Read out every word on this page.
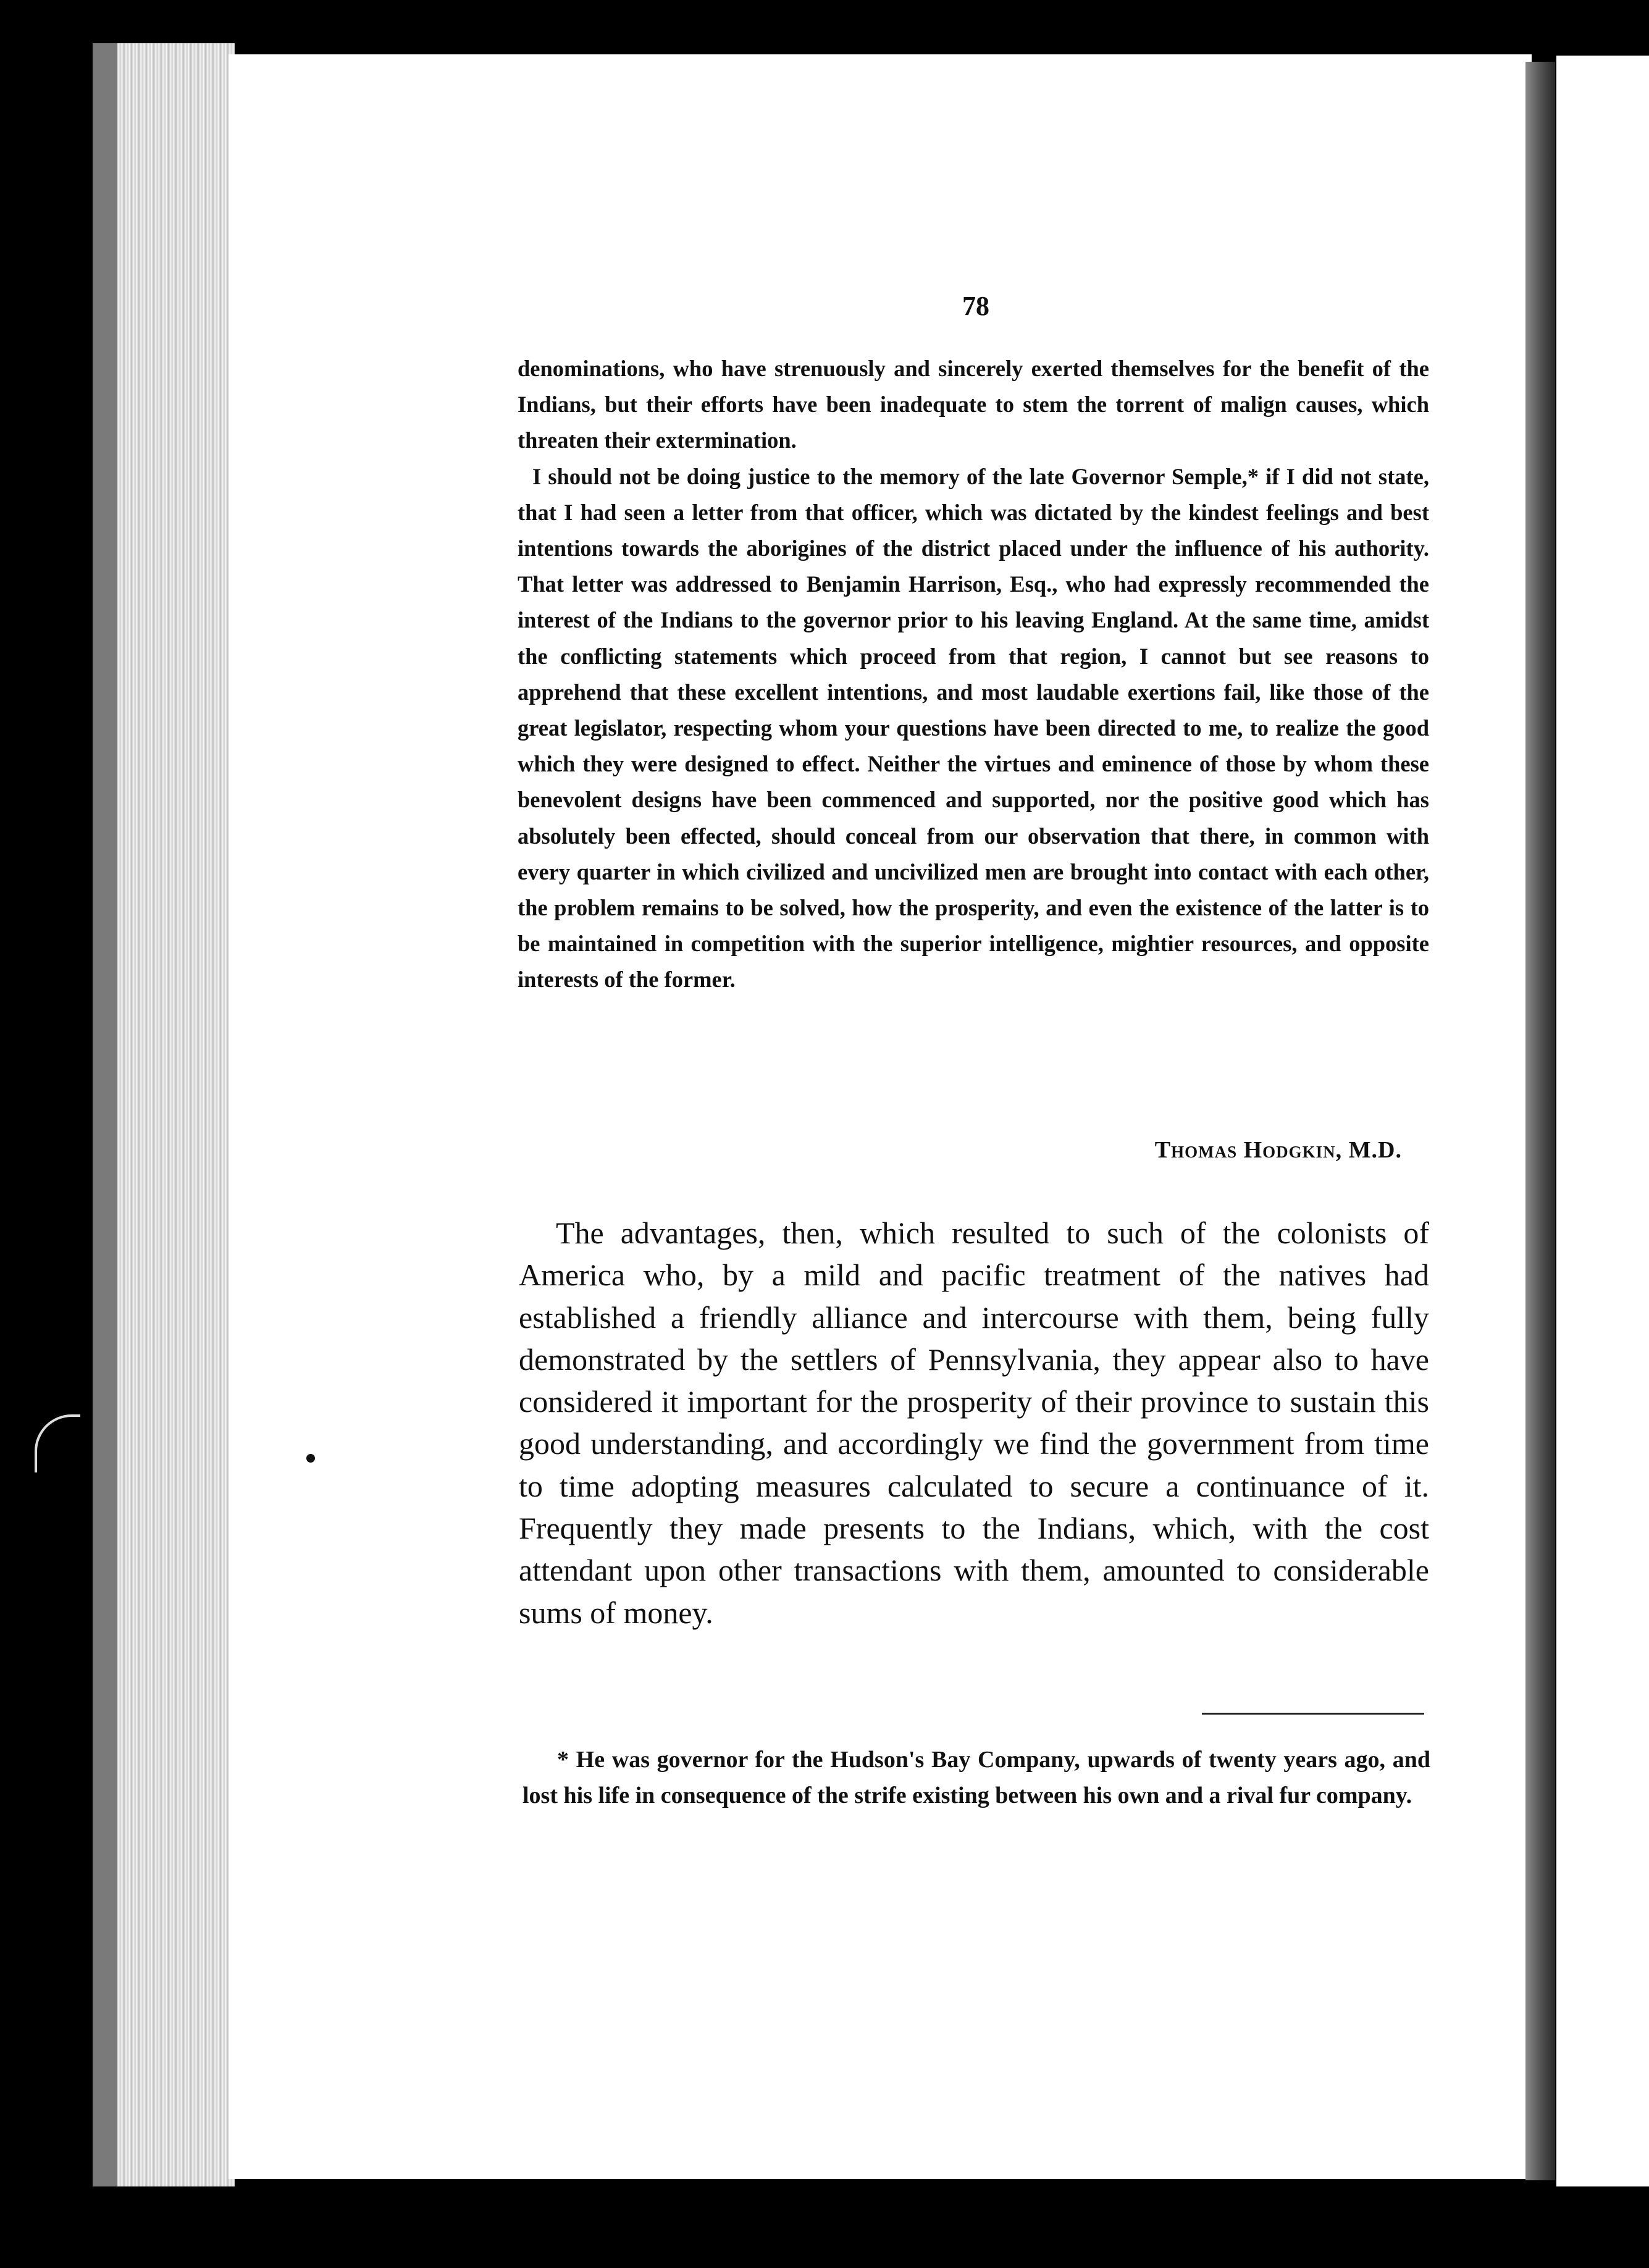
78

denominations, who have strenuously and sincerely exerted themselves for the benefit of the Indians, but their efforts have been inadequate to stem the torrent of malign causes, which threaten their extermination.

I should not be doing justice to the memory of the late Governor Semple,* if I did not state, that I had seen a letter from that officer, which was dictated by the kindest feelings and best intentions towards the aborigines of the district placed under the influence of his authority. That letter was addressed to Benjamin Harrison, Esq., who had expressly recommended the interest of the Indians to the governor prior to his leaving England. At the same time, amidst the conflicting statements which proceed from that region, I cannot but see reasons to apprehend that these excellent intentions, and most laudable exertions fail, like those of the great legislator, respecting whom your questions have been directed to me, to realize the good which they were designed to effect. Neither the virtues and eminence of those by whom these benevolent designs have been commenced and supported, nor the positive good which has absolutely been effected, should conceal from our observation that there, in common with every quarter in which civilized and uncivilized men are brought into contact with each other, the problem remains to be solved, how the prosperity, and even the existence of the latter is to be maintained in competition with the superior intelligence, mightier resources, and opposite interests of the former.

Thomas Hodgkin, M.D.

The advantages, then, which resulted to such of the colonists of America who, by a mild and pacific treatment of the natives had established a friendly alliance and intercourse with them, being fully demonstrated by the settlers of Pennsylvania, they appear also to have considered it important for the prosperity of their province to sustain this good understanding, and accordingly we find the government from time to time adopting measures calculated to secure a continuance of it. Frequently they made presents to the Indians, which, with the cost attendant upon other transactions with them, amounted to considerable sums of money.

* He was governor for the Hudson's Bay Company, upwards of twenty years ago, and lost his life in consequence of the strife existing between his own and a rival fur company.
